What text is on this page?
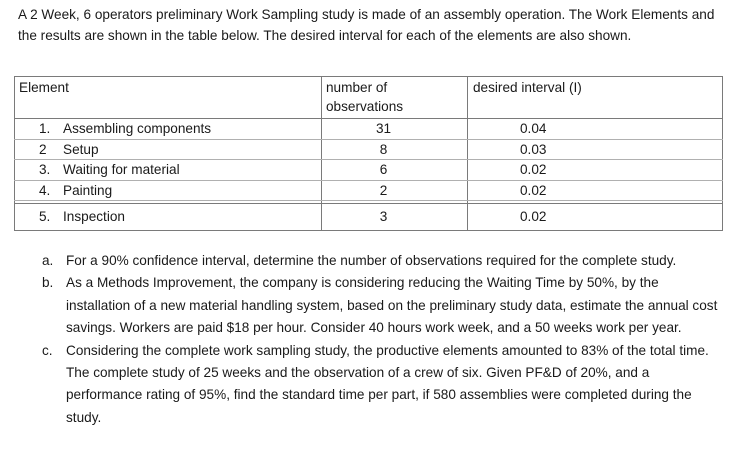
A 2 Week, 6 operators preliminary Work Sampling study is made of an assembly operation. The Work Elements and the results are shown in the table below. The desired interval for each of the elements are also shown.
Element	number of observations	desired interval (I)
1. Assembling components	31	0.04
2 Setup	8	0.03
3. Waiting for material	6	0.02
4. Painting	2	0.02

5. Inspection	3	0.02
a. For a 90% confidence interval, determine the number of observations required for the complete study.
b. As a Methods Improvement, the company is considering reducing the Waiting Time by 50%, by the installation of a new material handling system, based on the preliminary study data, estimate the annual cost savings. Workers are paid $18 per hour. Consider 40 hours work week, and a 50 weeks work per year.
c. Considering the complete work sampling study, the productive elements amounted to 83% of the total time. The complete study of 25 weeks and the observation of a crew of six. Given PF&D of 20%, and a performance rating of 95%, find the standard time per part, if 580 assemblies were completed during the study.
